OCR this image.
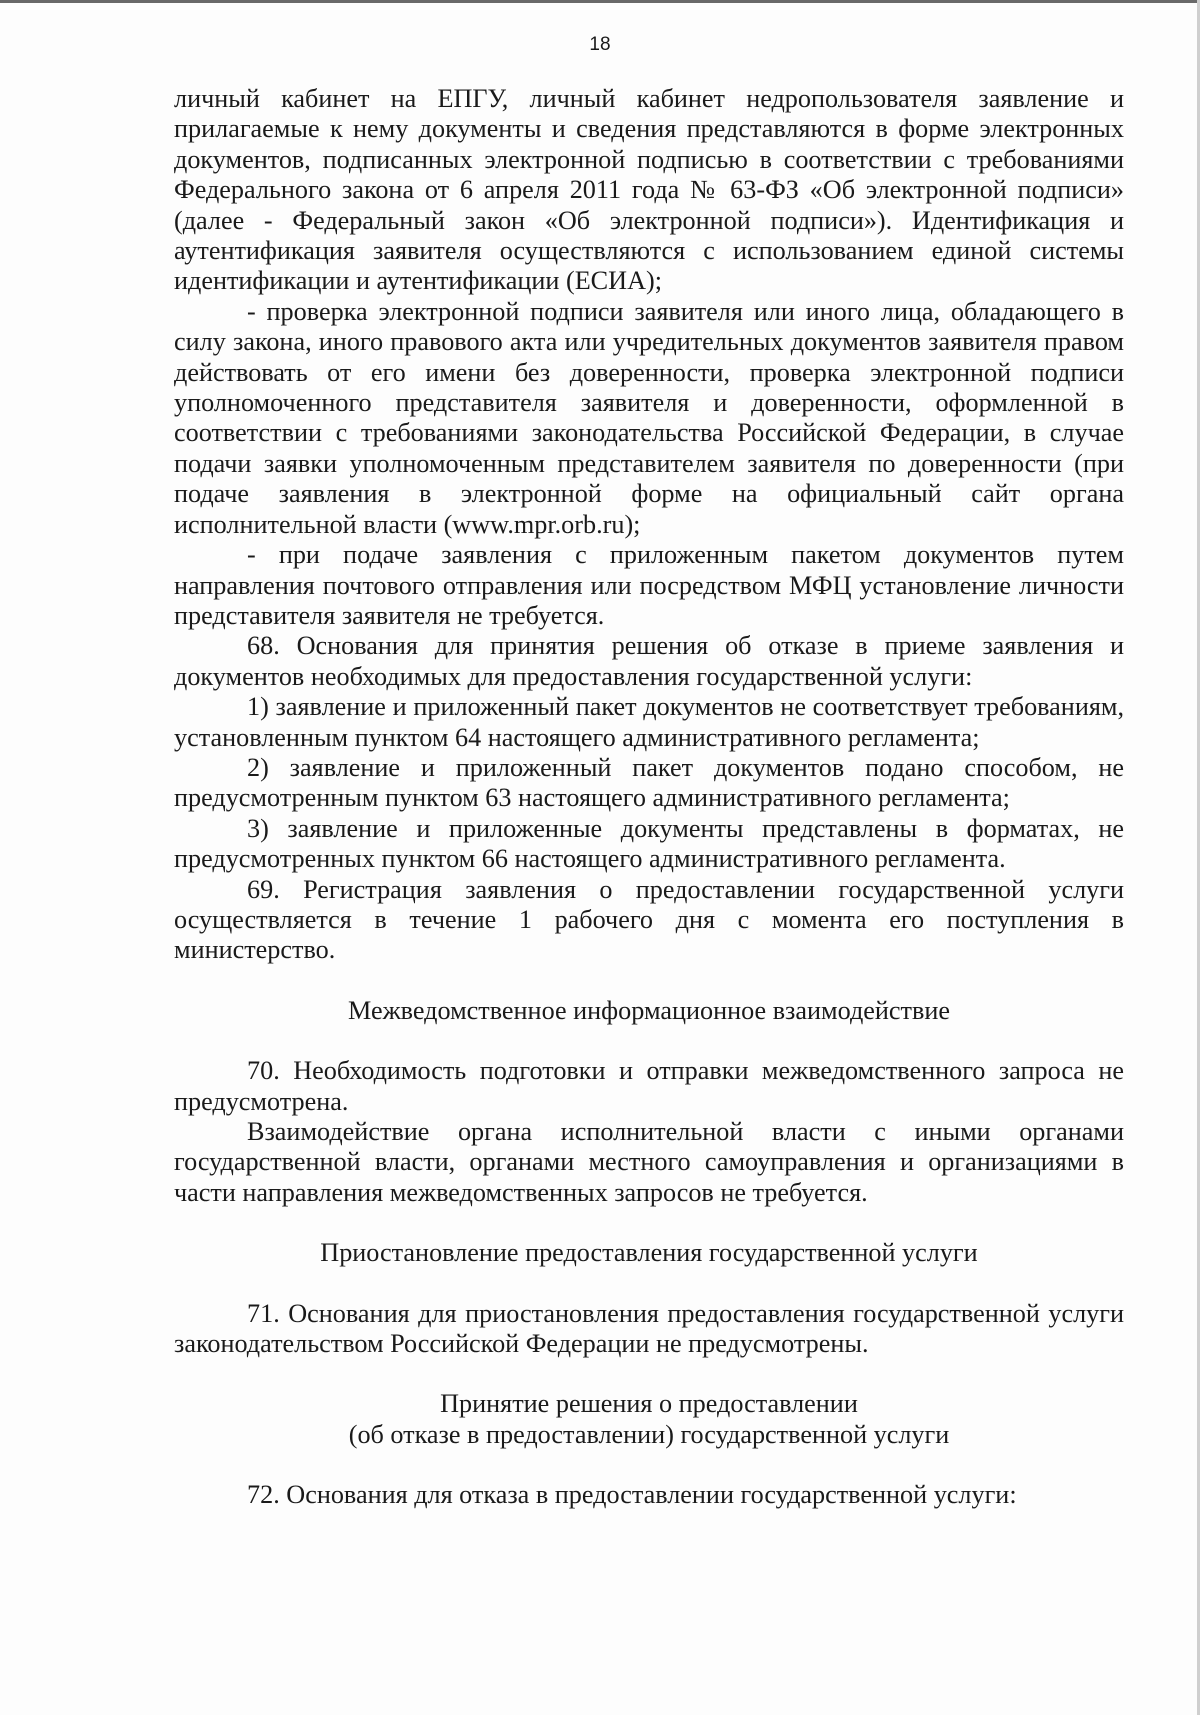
18

личный кабинет на ЕПГУ, личный кабинет недропользователя заявление и прилагаемые к нему документы и сведения представляются в форме электронных документов, подписанных электронной подписью в соответствии с требованиями Федерального закона от 6 апреля 2011 года № 63-ФЗ «Об электронной подписи» (далее - Федеральный закон «Об электронной подписи»). Идентификация и аутентификация заявителя осуществляются с использованием единой системы идентификации и аутентификации (ЕСИА);

- проверка электронной подписи заявителя или иного лица, обладающего в силу закона, иного правового акта или учредительных документов заявителя правом действовать от его имени без доверенности, проверка электронной подписи уполномоченного представителя заявителя и доверенности, оформленной в соответствии с требованиями законодательства Российской Федерации, в случае подачи заявки уполномоченным представителем заявителя по доверенности (при подаче заявления в электронной форме на официальный сайт органа исполнительной власти (www.mpr.orb.ru);

- при подаче заявления с приложенным пакетом документов путем направления почтового отправления или посредством МФЦ установление личности представителя заявителя не требуется.

68. Основания для принятия решения об отказе в приеме заявления и документов необходимых для предоставления государственной услуги:

1) заявление и приложенный пакет документов не соответствует требованиям, установленным пунктом 64 настоящего административного регламента;

2) заявление и приложенный пакет документов подано способом, не предусмотренным пунктом 63 настоящего административного регламента;

3) заявление и приложенные документы представлены в форматах, не предусмотренных пунктом 66 настоящего административного регламента.

69. Регистрация заявления о предоставлении государственной услуги осуществляется в течение 1 рабочего дня с момента его поступления в министерство.

Межведомственное информационное взаимодействие

70. Необходимость подготовки и отправки межведомственного запроса не предусмотрена.

Взаимодействие органа исполнительной власти с иными органами государственной власти, органами местного самоуправления и организациями в части направления межведомственных запросов не требуется.

Приостановление предоставления государственной услуги

71. Основания для приостановления предоставления государственной услуги законодательством Российской Федерации не предусмотрены.

Принятие решения о предоставлении

(об отказе в предоставлении) государственной услуги

72. Основания для отказа в предоставлении государственной услуги:
